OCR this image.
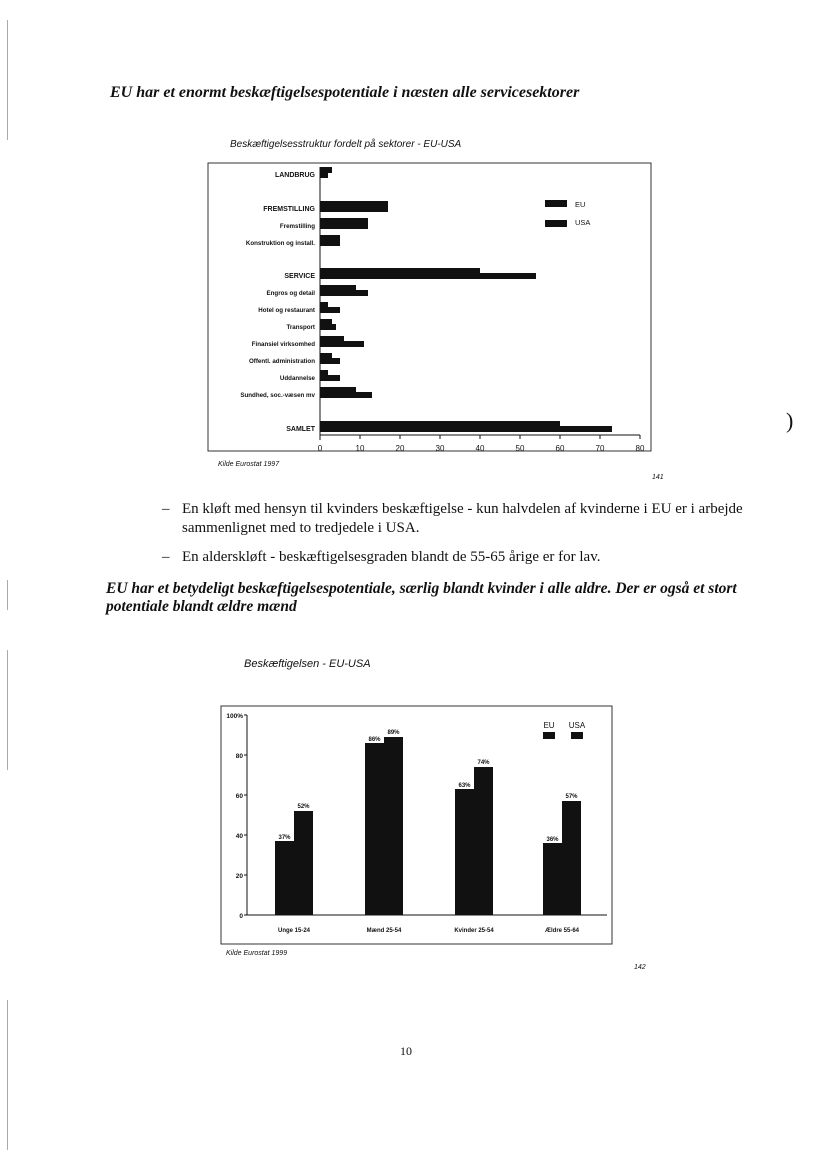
EU har et enormt beskæftigelsespotentiale i næsten alle servicesektorer
Beskæftigelsesstruktur fordelt på sektorer - EU-USA
LANDBRUG
FREMSTILLING
Fremstilling
Konstruktion og install.
SERVICE
Engros og detail
Hotel og restaurant
Transport
Finansiel virksomhed
Offentl. administration
Uddannelse
Sundhed, soc.-væsen mv
SAMLET
0	10	20	30	40	50	60	70	80
EU
USA
Kilde Eurostat 1997
141
)
– En kløft med hensyn til kvinders beskæftigelse - kun halvdelen af kvinderne i EU er i arbejde sammenlignet med to tredjedele i USA.
– En alderskløft - beskæftigelsesgraden blandt de 55-65 årige er for lav.
EU har et betydeligt beskæftigelsespotentiale, særlig blandt kvinder i alle aldre. Der er også et stort potentiale blandt ældre mænd
Beskæftigelsen - EU-USA
100%
80
60
40
20
0
37%
52%
Unge 15-24
86%
89%
Mænd 25-54
63%
74%
Kvinder 25-54
36%
57%
Ældre 55-64
EU USA
Kilde Eurostat 1999
142
10
